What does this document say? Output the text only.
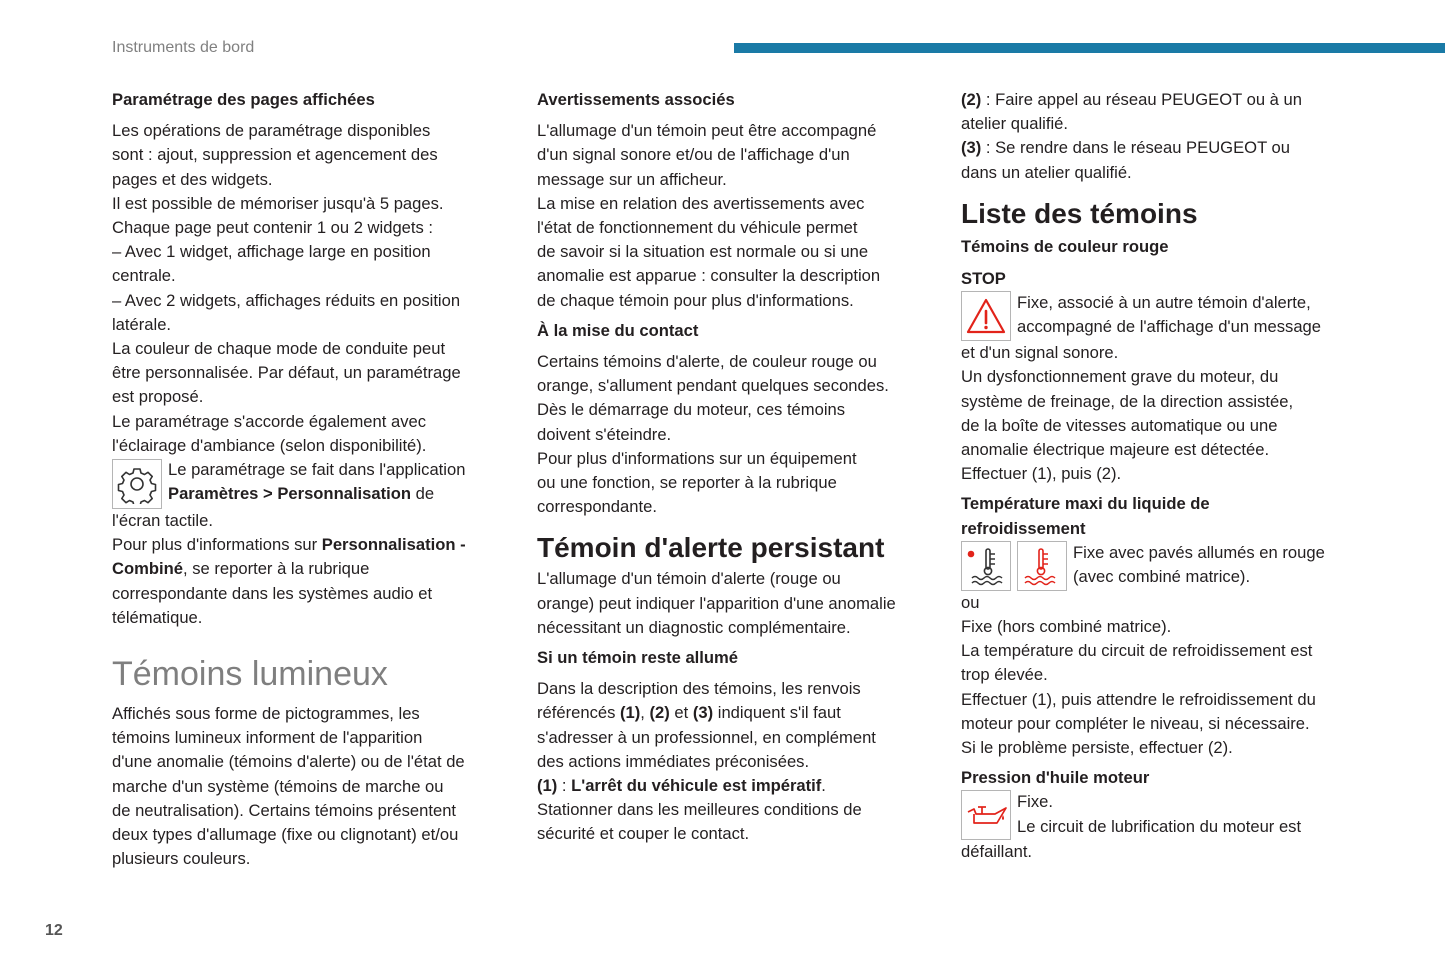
Instruments de bord

Paramétrage des pages affichées

Les opérations de paramétrage disponibles

sont : ajout, suppression et agencement des

pages et des widgets.

Il est possible de mémoriser jusqu'à 5 pages.

Chaque page peut contenir 1 ou 2 widgets :

– Avec 1 widget, affichage large en position

centrale.

– Avec 2 widgets, affichages réduits en position

latérale.

La couleur de chaque mode de conduite peut

être personnalisée. Par défaut, un paramétrage

est proposé.

Le paramétrage s'accorde également avec

l'éclairage d'ambiance (selon disponibilité).

Le paramétrage se fait dans l'application

Paramètres > Personnalisation de

l'écran tactile.

Pour plus d'informations sur Personnalisation -

Combiné, se reporter à la rubrique

correspondante dans les systèmes audio et

télématique.

Témoins lumineux

Affichés sous forme de pictogrammes, les

témoins lumineux informent de l'apparition

d'une anomalie (témoins d'alerte) ou de l'état de

marche d'un système (témoins de marche ou

de neutralisation). Certains témoins présentent

deux types d'allumage (fixe ou clignotant) et/ou

plusieurs couleurs.

Avertissements associés

L'allumage d'un témoin peut être accompagné

d'un signal sonore et/ou de l'affichage d'un

message sur un afficheur.

La mise en relation des avertissements avec

l'état de fonctionnement du véhicule permet

de savoir si la situation est normale ou si une

anomalie est apparue : consulter la description

de chaque témoin pour plus d'informations.

À la mise du contact

Certains témoins d'alerte, de couleur rouge ou

orange, s'allument pendant quelques secondes.

Dès le démarrage du moteur, ces témoins

doivent s'éteindre.

Pour plus d'informations sur un équipement

ou une fonction, se reporter à la rubrique

correspondante.

Témoin d'alerte persistant

L'allumage d'un témoin d'alerte (rouge ou

orange) peut indiquer l'apparition d'une anomalie

nécessitant un diagnostic complémentaire.

Si un témoin reste allumé

Dans la description des témoins, les renvois

référencés (1), (2) et (3) indiquent s'il faut

s'adresser à un professionnel, en complément

des actions immédiates préconisées.

(1) : L'arrêt du véhicule est impératif.

Stationner dans les meilleures conditions de

sécurité et couper le contact.

(2) : Faire appel au réseau PEUGEOT ou à un

atelier qualifié.

(3) : Se rendre dans le réseau PEUGEOT ou

dans un atelier qualifié.

Liste des témoins

Témoins de couleur rouge

STOP

Fixe, associé à un autre témoin d'alerte,

accompagné de l'affichage d'un message

et d'un signal sonore.

Un dysfonctionnement grave du moteur, du

système de freinage, de la direction assistée,

de la boîte de vitesses automatique ou une

anomalie électrique majeure est détectée.

Effectuer (1), puis (2).

Température maxi du liquide de
refroidissement

Fixe avec pavés allumés en rouge

(avec combiné matrice).

ou

Fixe (hors combiné matrice).

La température du circuit de refroidissement est

trop élevée.

Effectuer (1), puis attendre le refroidissement du

moteur pour compléter le niveau, si nécessaire.

Si le problème persiste, effectuer (2).

Pression d'huile moteur

Fixe.

Le circuit de lubrification du moteur est

défaillant.

12
